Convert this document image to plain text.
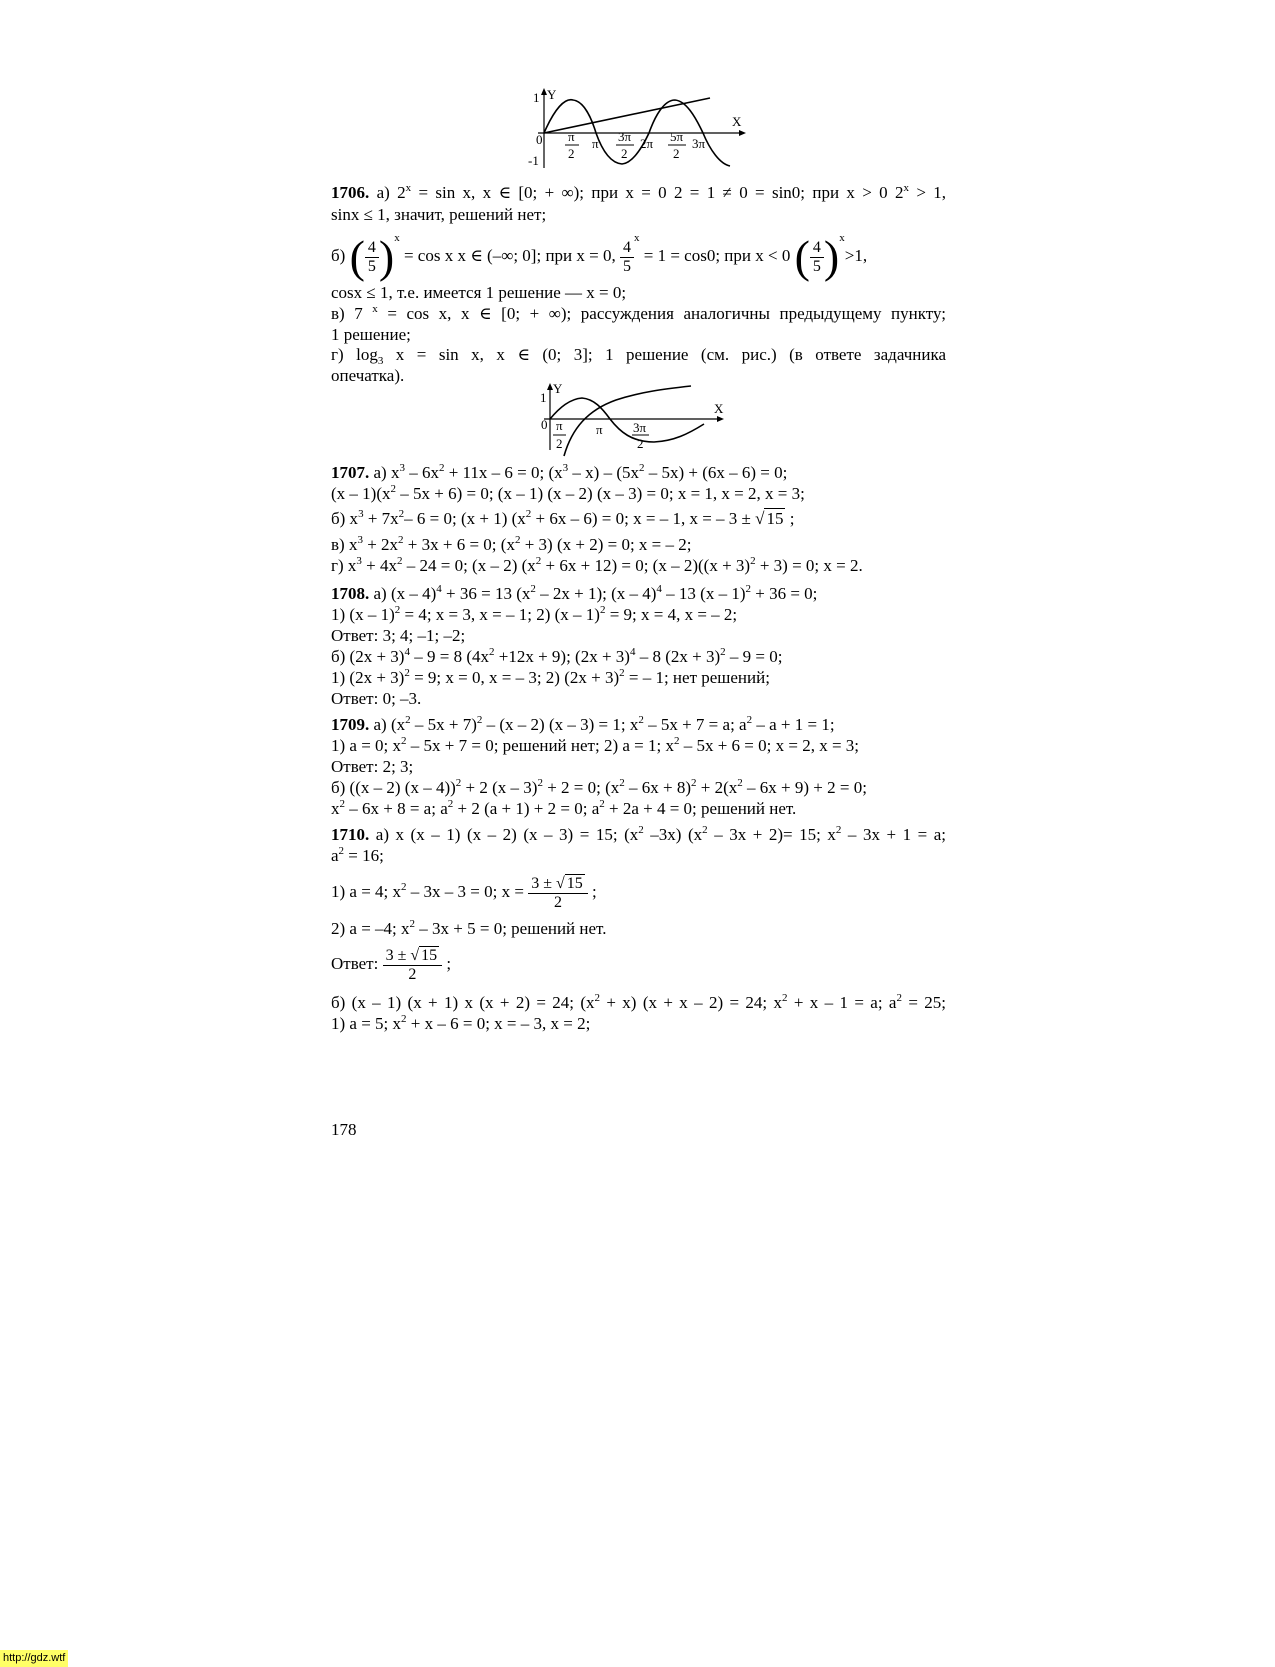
Y
X
1
-1
0 π
2
π 3π
2
2π 5π
2
3π
1706. а) $2^x = \sin x$, x ∈ [0; + ∞); при x = 0 2 = 1 ≠ 0 = sin0; при x > 0 $2^x > 1$,
sinx ≤ 1, значит, решений нет;
б) ( $\frac{4}{5} )^x = \cos x$ x ∈ (–∞; 0]; при x = 0, $\frac{4}{5}$
$^x$ = 1 = cos0; при x < 0 ( $\frac{4}{5} )^x>1$,
cosx ≤ 1, т.е. имеется 1 решение — x = 0;
в) 7 $^x$ = cos x, x ∈ [0; + ∞); рассуждения аналогичны предыдущему пункту;
1 решение;
г) $\log_3 x = \sin x$, x ∈ (0; 3]; 1 решение (см. рис.) (в ответе задачника
опечатка).
1707. а) $x^3 - 6x^2 + 11x - 6 = 0$; $(x^3 - x) - (5x^2 - 5x) + (6x - 6) = 0$;
$(x - 1)(x^2 - 5x + 6) = 0$; (x – 1) (x – 2) (x – 3) = 0; x = 1, x = 2, x = 3;
б) $x^3 + 7x^2-$ 6 = 0; (x + 1) $(x^2 + 6x - 6) = 0$; x = – 1, x = – 3 ± √ 15 ;
в) $x^3 + 2x^2 + 3x + 6 = 0$; $(x^2 + 3) (x + 2) = 0$; x = – 2;
г) $x^3 + 4x^2 - 24 = 0$; (x – 2) $(x^2 + 6x + 12) = 0$; $(x - 2)((x + 3)^2 + 3) = 0$; x = 2.
1708. а) (x – 4)$^4$ + 36 = 13 $(x^2 - 2x + 1)$; (x – 4)$^4$ – 13 (x – 1)$^2$ + 36 = 0;
1) (x – 1)$^2$ = 4; x = 3, x = – 1; 2) (x – 1)$^2$ = 9; x = 4, x = – 2;
Ответ: 3; 4; –1; –2;
б) $(2x + 3)^4 - 9 = 8$ $(4x^2 +12x + 9)$; $(2x + 3)^4 - 8$ $(2x + 3)^2 - 9 = 0$;
1) $(2x + 3)^2 = 9$; x = 0, x = – 3; 2) $(2x + 3)^2$ = – 1; нет решений;
Ответ: 0; –3.
1709. а) $(x^2 - 5x + 7)^2 - (x - 2)$ (x – 3) = 1; $x^2 - 5x + 7 = a$; $a^2 - a + 1 = 1$;
1) a = 0; $x^2 - 5x + 7 = 0$; решений нет; 2) a = 1; $x^2 - 5x + 6 = 0$; x = 2, x = 3;
Ответ: 2; 3;
б) ((x – 2) (x – 4))$^2$ + 2 (x – 3)$^2$ + 2 = 0; $(x^2 - 6x + 8)^2 + 2(x^2 - 6x + 9) + 2 = 0$;
$x^2 - 6x + 8 = a$; $a^2 + 2$ (a + 1) + 2 = 0; $a^2 + 2a + 4 = 0$; решений нет.
1710. а) x (x – 1) (x – 2) (x – 3) = 15; ($x^2$ –3x) $(x^2 - 3x + 2)= 15$; $x^2 - 3x + 1 = a$;
$a^2 = 16$;
1) a = 4; $x^2 - 3x - 3 = 0$; $x = \frac{3 \pm √ 15}{2}$ ;
2) a = –4; $x^2 - 3x + 5 = 0$; решений нет.
Ответ: $\frac{3 \pm √ 15}{2}$ ;
б) (x – 1) (x + 1) x (x + 2) = 24; $(x^2 + x) (x + x - 2) = 24$; $x^2 + x - 1 = a$; $a^2 = 25$;
1) a = 5; $x^2 + x - 6 = 0$; x = – 3, x = 2;
Y
X
1
0 π
2
π 3π
2
178
http://gdz.wtf
